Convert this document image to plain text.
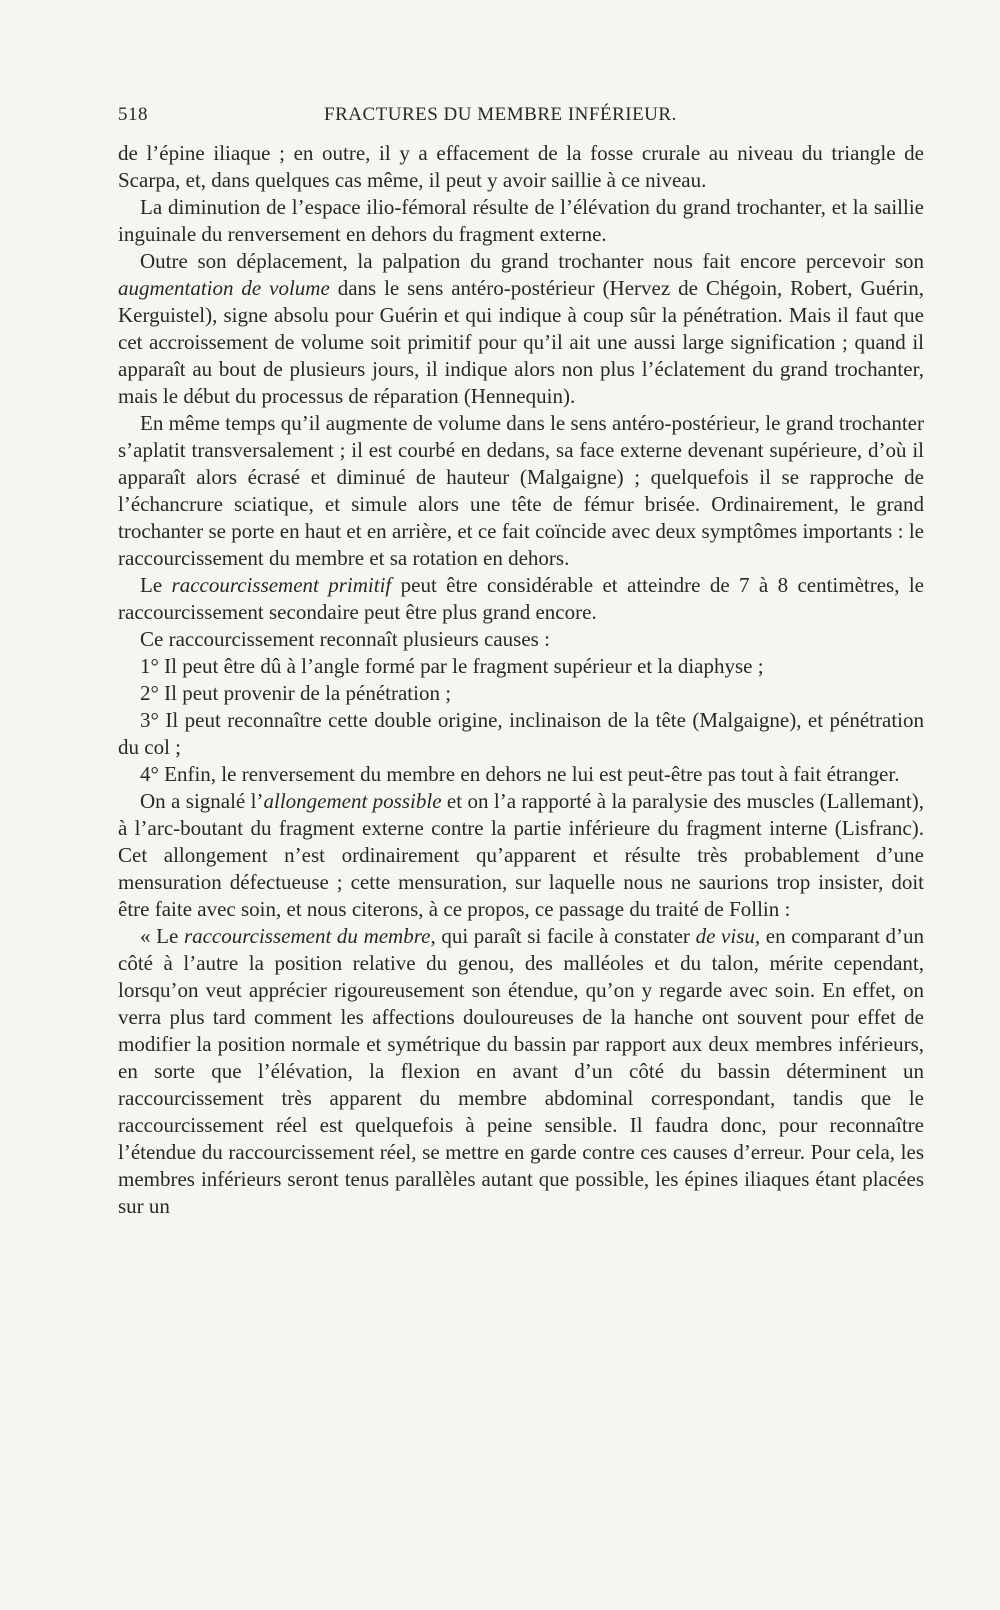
518	FRACTURES DU MEMBRE INFÉRIEUR.

de l’épine iliaque ; en outre, il y a effacement de la fosse crurale au niveau du triangle de Scarpa, et, dans quelques cas même, il peut y avoir saillie à ce niveau.

La diminution de l’espace ilio-fémoral résulte de l’élévation du grand trochanter, et la saillie inguinale du renversement en dehors du fragment externe.

Outre son déplacement, la palpation du grand trochanter nous fait encore percevoir son augmentation de volume dans le sens antéro-postérieur (Hervez de Chégoin, Robert, Guérin, Kerguistel), signe absolu pour Guérin et qui indique à coup sûr la pénétration. Mais il faut que cet accroissement de volume soit primitif pour qu’il ait une aussi large signification ; quand il apparaît au bout de plusieurs jours, il indique alors non plus l’éclatement du grand trochanter, mais le début du processus de réparation (Hennequin).

En même temps qu’il augmente de volume dans le sens antéro-postérieur, le grand trochanter s’aplatit transversalement ; il est courbé en dedans, sa face externe devenant supérieure, d’où il apparaît alors écrasé et diminué de hauteur (Malgaigne) ; quelquefois il se rapproche de l’échancrure sciatique, et simule alors une tête de fémur brisée. Ordinairement, le grand trochanter se porte en haut et en arrière, et ce fait coïncide avec deux symptômes importants : le raccourcissement du membre et sa rotation en dehors.

Le raccourcissement primitif peut être considérable et atteindre de 7 à 8 centimètres, le raccourcissement secondaire peut être plus grand encore.

Ce raccourcissement reconnaît plusieurs causes :

1° Il peut être dû à l’angle formé par le fragment supérieur et la diaphyse ;

2° Il peut provenir de la pénétration ;

3° Il peut reconnaître cette double origine, inclinaison de la tête (Malgaigne), et pénétration du col ;

4° Enfin, le renversement du membre en dehors ne lui est peut-être pas tout à fait étranger.

On a signalé l’allongement possible et on l’a rapporté à la paralysie des muscles (Lallemant), à l’arc-boutant du fragment externe contre la partie inférieure du fragment interne (Lisfranc). Cet allongement n’est ordinairement qu’apparent et résulte très probablement d’une mensuration défectueuse ; cette mensuration, sur laquelle nous ne saurions trop insister, doit être faite avec soin, et nous citerons, à ce propos, ce passage du traité de Follin :

« Le raccourcissement du membre, qui paraît si facile à constater de visu, en comparant d’un côté à l’autre la position relative du genou, des malléoles et du talon, mérite cependant, lorsqu’on veut apprécier rigoureusement son étendue, qu’on y regarde avec soin. En effet, on verra plus tard comment les affections douloureuses de la hanche ont souvent pour effet de modifier la position normale et symétrique du bassin par rapport aux deux membres inférieurs, en sorte que l’élévation, la flexion en avant d’un côté du bassin déterminent un raccourcissement très apparent du membre abdominal correspondant, tandis que le raccourcissement réel est quelquefois à peine sensible. Il faudra donc, pour reconnaître l’étendue du raccourcissement réel, se mettre en garde contre ces causes d’erreur. Pour cela, les membres inférieurs seront tenus parallèles autant que possible, les épines iliaques étant placées sur un
